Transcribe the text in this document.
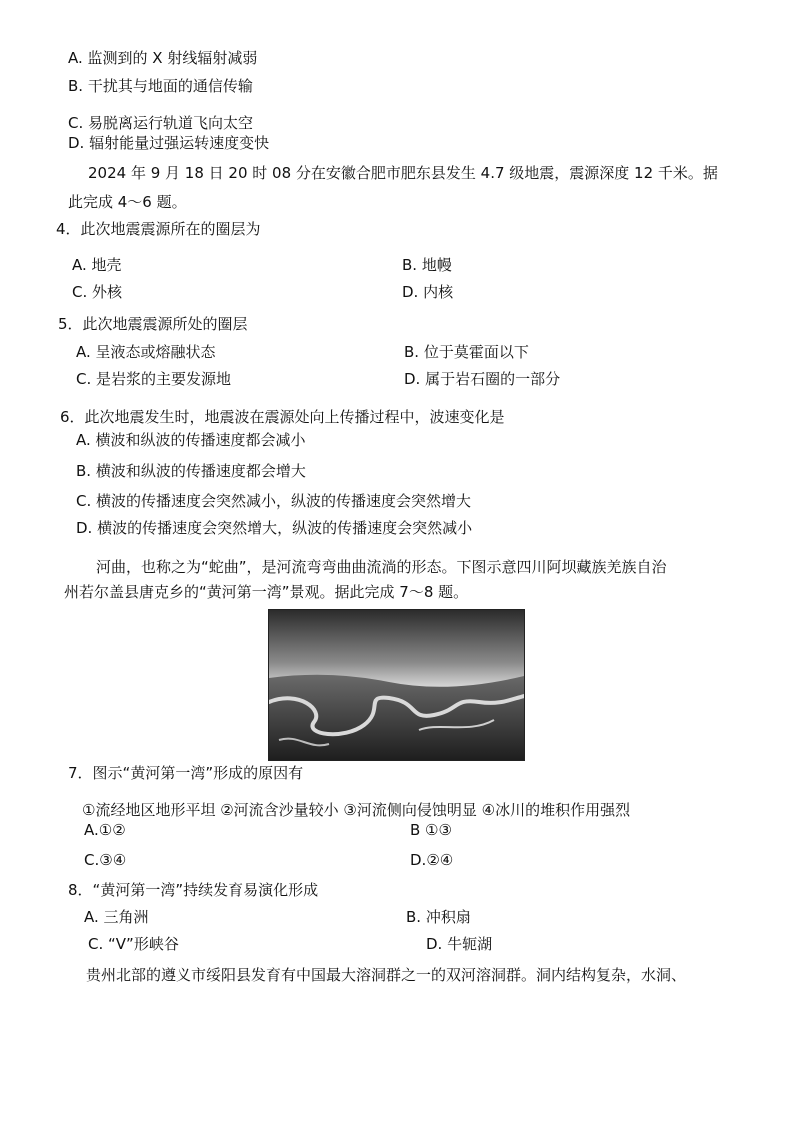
A. 监测到的 X 射线辐射减弱
B. 干扰其与地面的通信传输
C. 易脱离运行轨道飞向太空
D. 辐射能量过强运转速度变快
2024 年 9 月 18 日 20 时 08 分在安徽合肥市肥东县发生 4.7 级地震，震源深度 12 千米。据
此完成 4～6 题。
4．此次地震震源所在的圈层为
A. 地壳	B. 地幔
C. 外核	D. 内核
5．此次地震震源所处的圈层
A. 呈液态或熔融状态	B. 位于莫霍面以下
C. 是岩浆的主要发源地	D. 属于岩石圈的一部分
6．此次地震发生时，地震波在震源处向上传播过程中，波速变化是
A. 横波和纵波的传播速度都会减小
B. 横波和纵波的传播速度都会增大
C. 横波的传播速度会突然减小，纵波的传播速度会突然增大
D. 横波的传播速度会突然增大，纵波的传播速度会突然减小
河曲，也称之为“蛇曲”，是河流弯弯曲曲流淌的形态。下图示意四川阿坝藏族羌族自治
州若尔盖县唐克乡的“黄河第一湾”景观。据此完成 7～8 题。
7．图示“黄河第一湾”形成的原因有
①流经地区地形平坦 ②河流含沙量较小 ③河流侧向侵蚀明显 ④冰川的堆积作用强烈
A.①②	B ①③
C.③④	D.②④
8．“黄河第一湾”持续发育易演化形成
A. 三角洲	B. 冲积扇
C. “V”形峡谷	D. 牛轭湖
贵州北部的遵义市绥阳县发育有中国最大溶洞群之一的双河溶洞群。洞内结构复杂，水洞、
